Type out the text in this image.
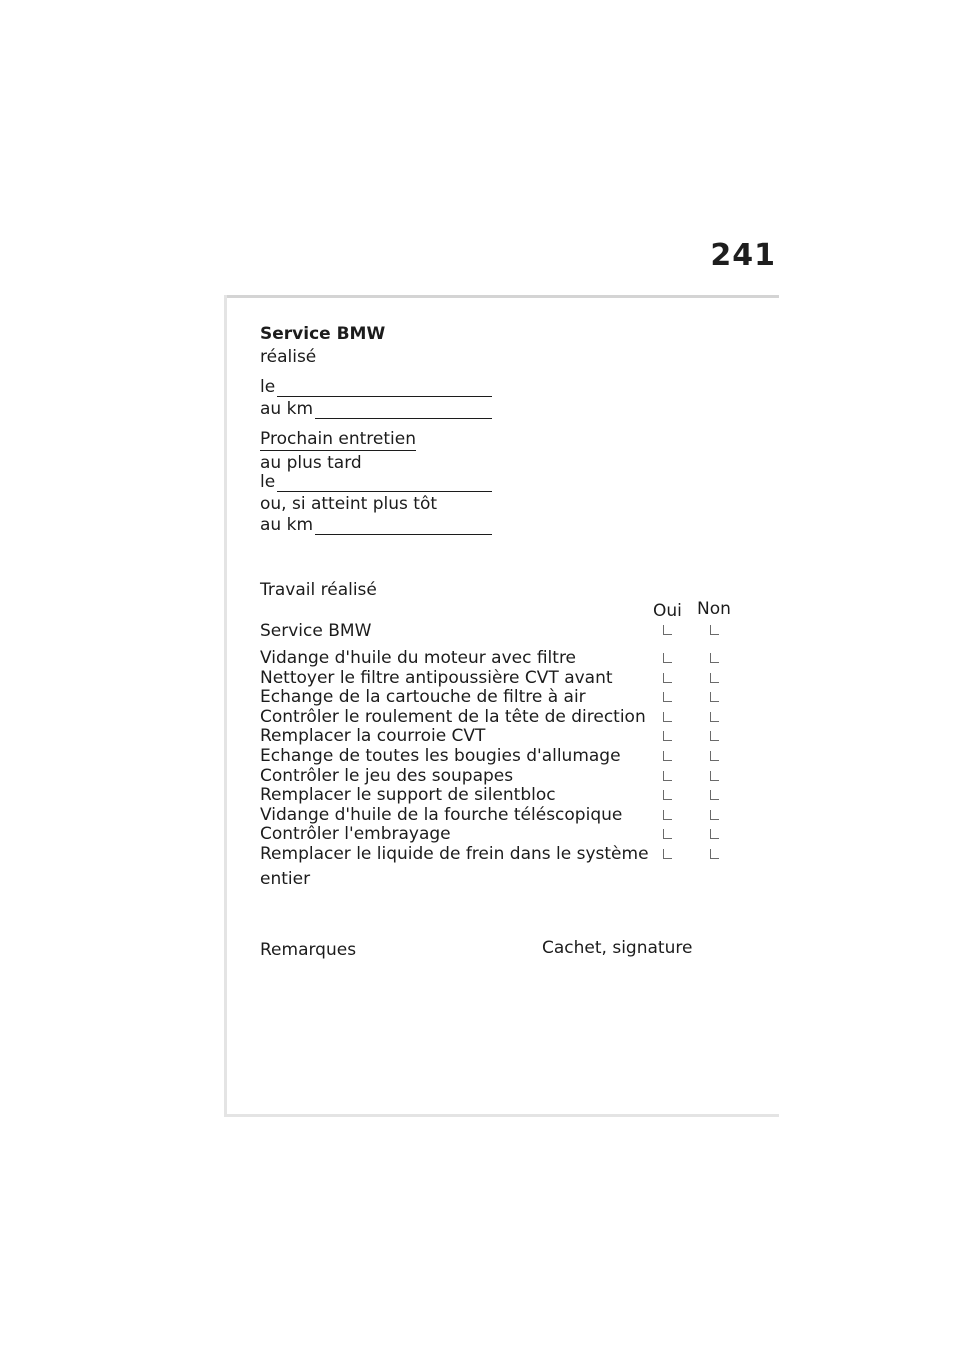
241
Service BMW
réalisé
le
au km
Prochain entretien
au plus tard
le
ou, si atteint plus tôt
au km
Travail réalisé
Oui Non
Service BMW
Vidange d'huile du moteur avec filtre
Nettoyer le filtre antipoussière CVT avant
Echange de la cartouche de filtre à air
Contrôler le roulement de la tête de direction
Remplacer la courroie CVT
Echange de toutes les bougies d'allumage
Contrôler le jeu des soupapes
Remplacer le support de silentbloc
Vidange d'huile de la fourche téléscopique
Contrôler l'embrayage
Remplacer le liquide de frein dans le système
entier
Remarques	Cachet, signature
